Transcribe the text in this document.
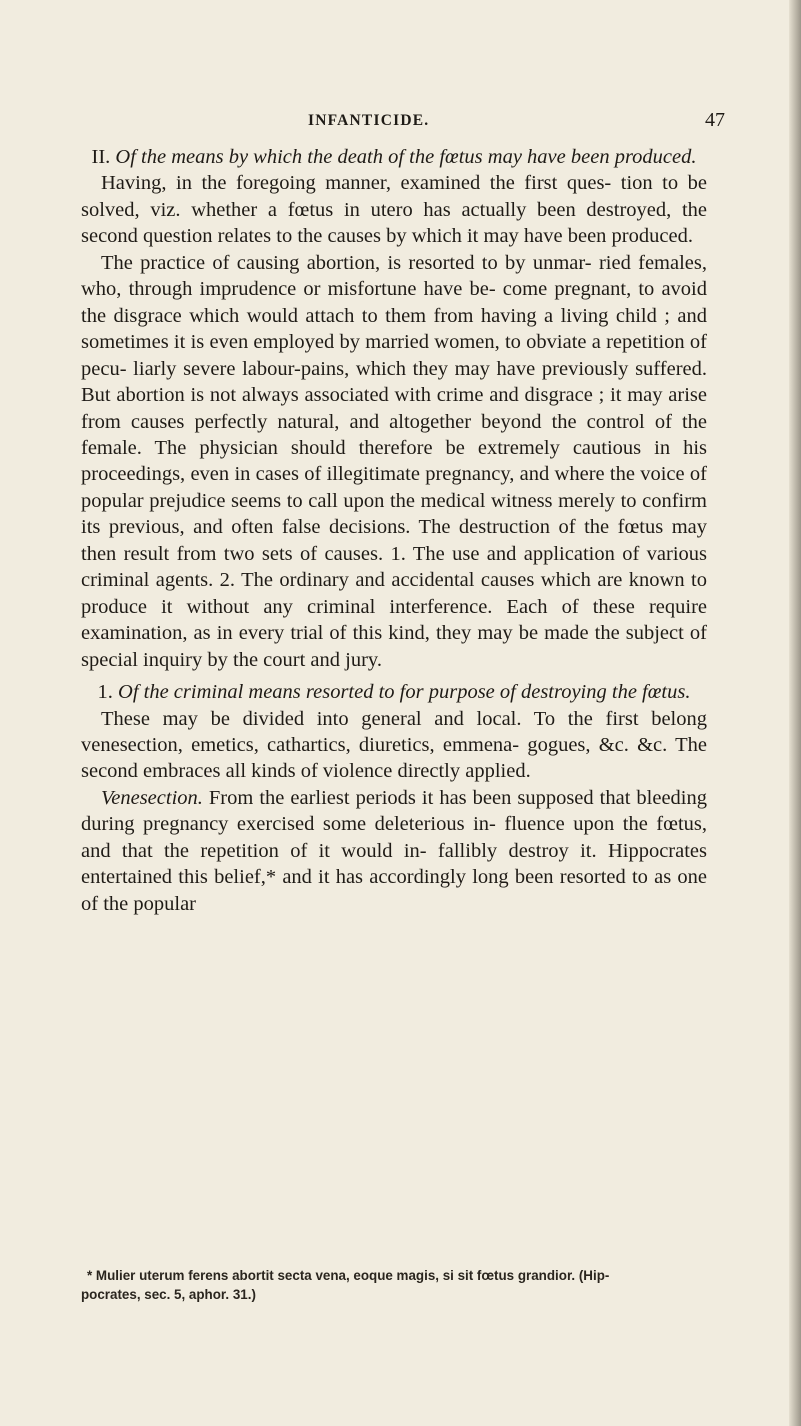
INFANTICIDE.	47
II. Of the means by which the death of the fœtus may have been produced.

Having, in the foregoing manner, examined the first ques- tion to be solved, viz. whether a fœtus in utero has actually been destroyed, the second question relates to the causes by which it may have been produced.

The practice of causing abortion, is resorted to by unmar- ried females, who, through imprudence or misfortune have be- come pregnant, to avoid the disgrace which would attach to them from having a living child ; and sometimes it is even employed by married women, to obviate a repetition of pecu- liarly severe labour-pains, which they may have previously suffered. But abortion is not always associated with crime and disgrace ; it may arise from causes perfectly natural, and altogether beyond the control of the female. The physician should therefore be extremely cautious in his proceedings, even in cases of illegitimate pregnancy, and where the voice of popular prejudice seems to call upon the medical witness merely to confirm its previous, and often false decisions. The destruction of the fœtus may then result from two sets of causes. 1. The use and application of various criminal agents. 2. The ordinary and accidental causes which are known to produce it without any criminal interference. Each of these require examination, as in every trial of this kind, they may be made the subject of special inquiry by the court and jury.

1. Of the criminal means resorted to for purpose of destroying the fœtus.

These may be divided into general and local. To the first belong venesection, emetics, cathartics, diuretics, emmena- gogues, &c. &c. The second embraces all kinds of violence directly applied.

Venesection. From the earliest periods it has been supposed that bleeding during pregnancy exercised some deleterious in- fluence upon the fœtus, and that the repetition of it would in- fallibly destroy it. Hippocrates entertained this belief,* and it has accordingly long been resorted to as one of the popular

* Mulier uterum ferens abortit secta vena, eoque magis, si sit fœtus grandior. (Hip-
pocrates, sec. 5, aphor. 31.)
